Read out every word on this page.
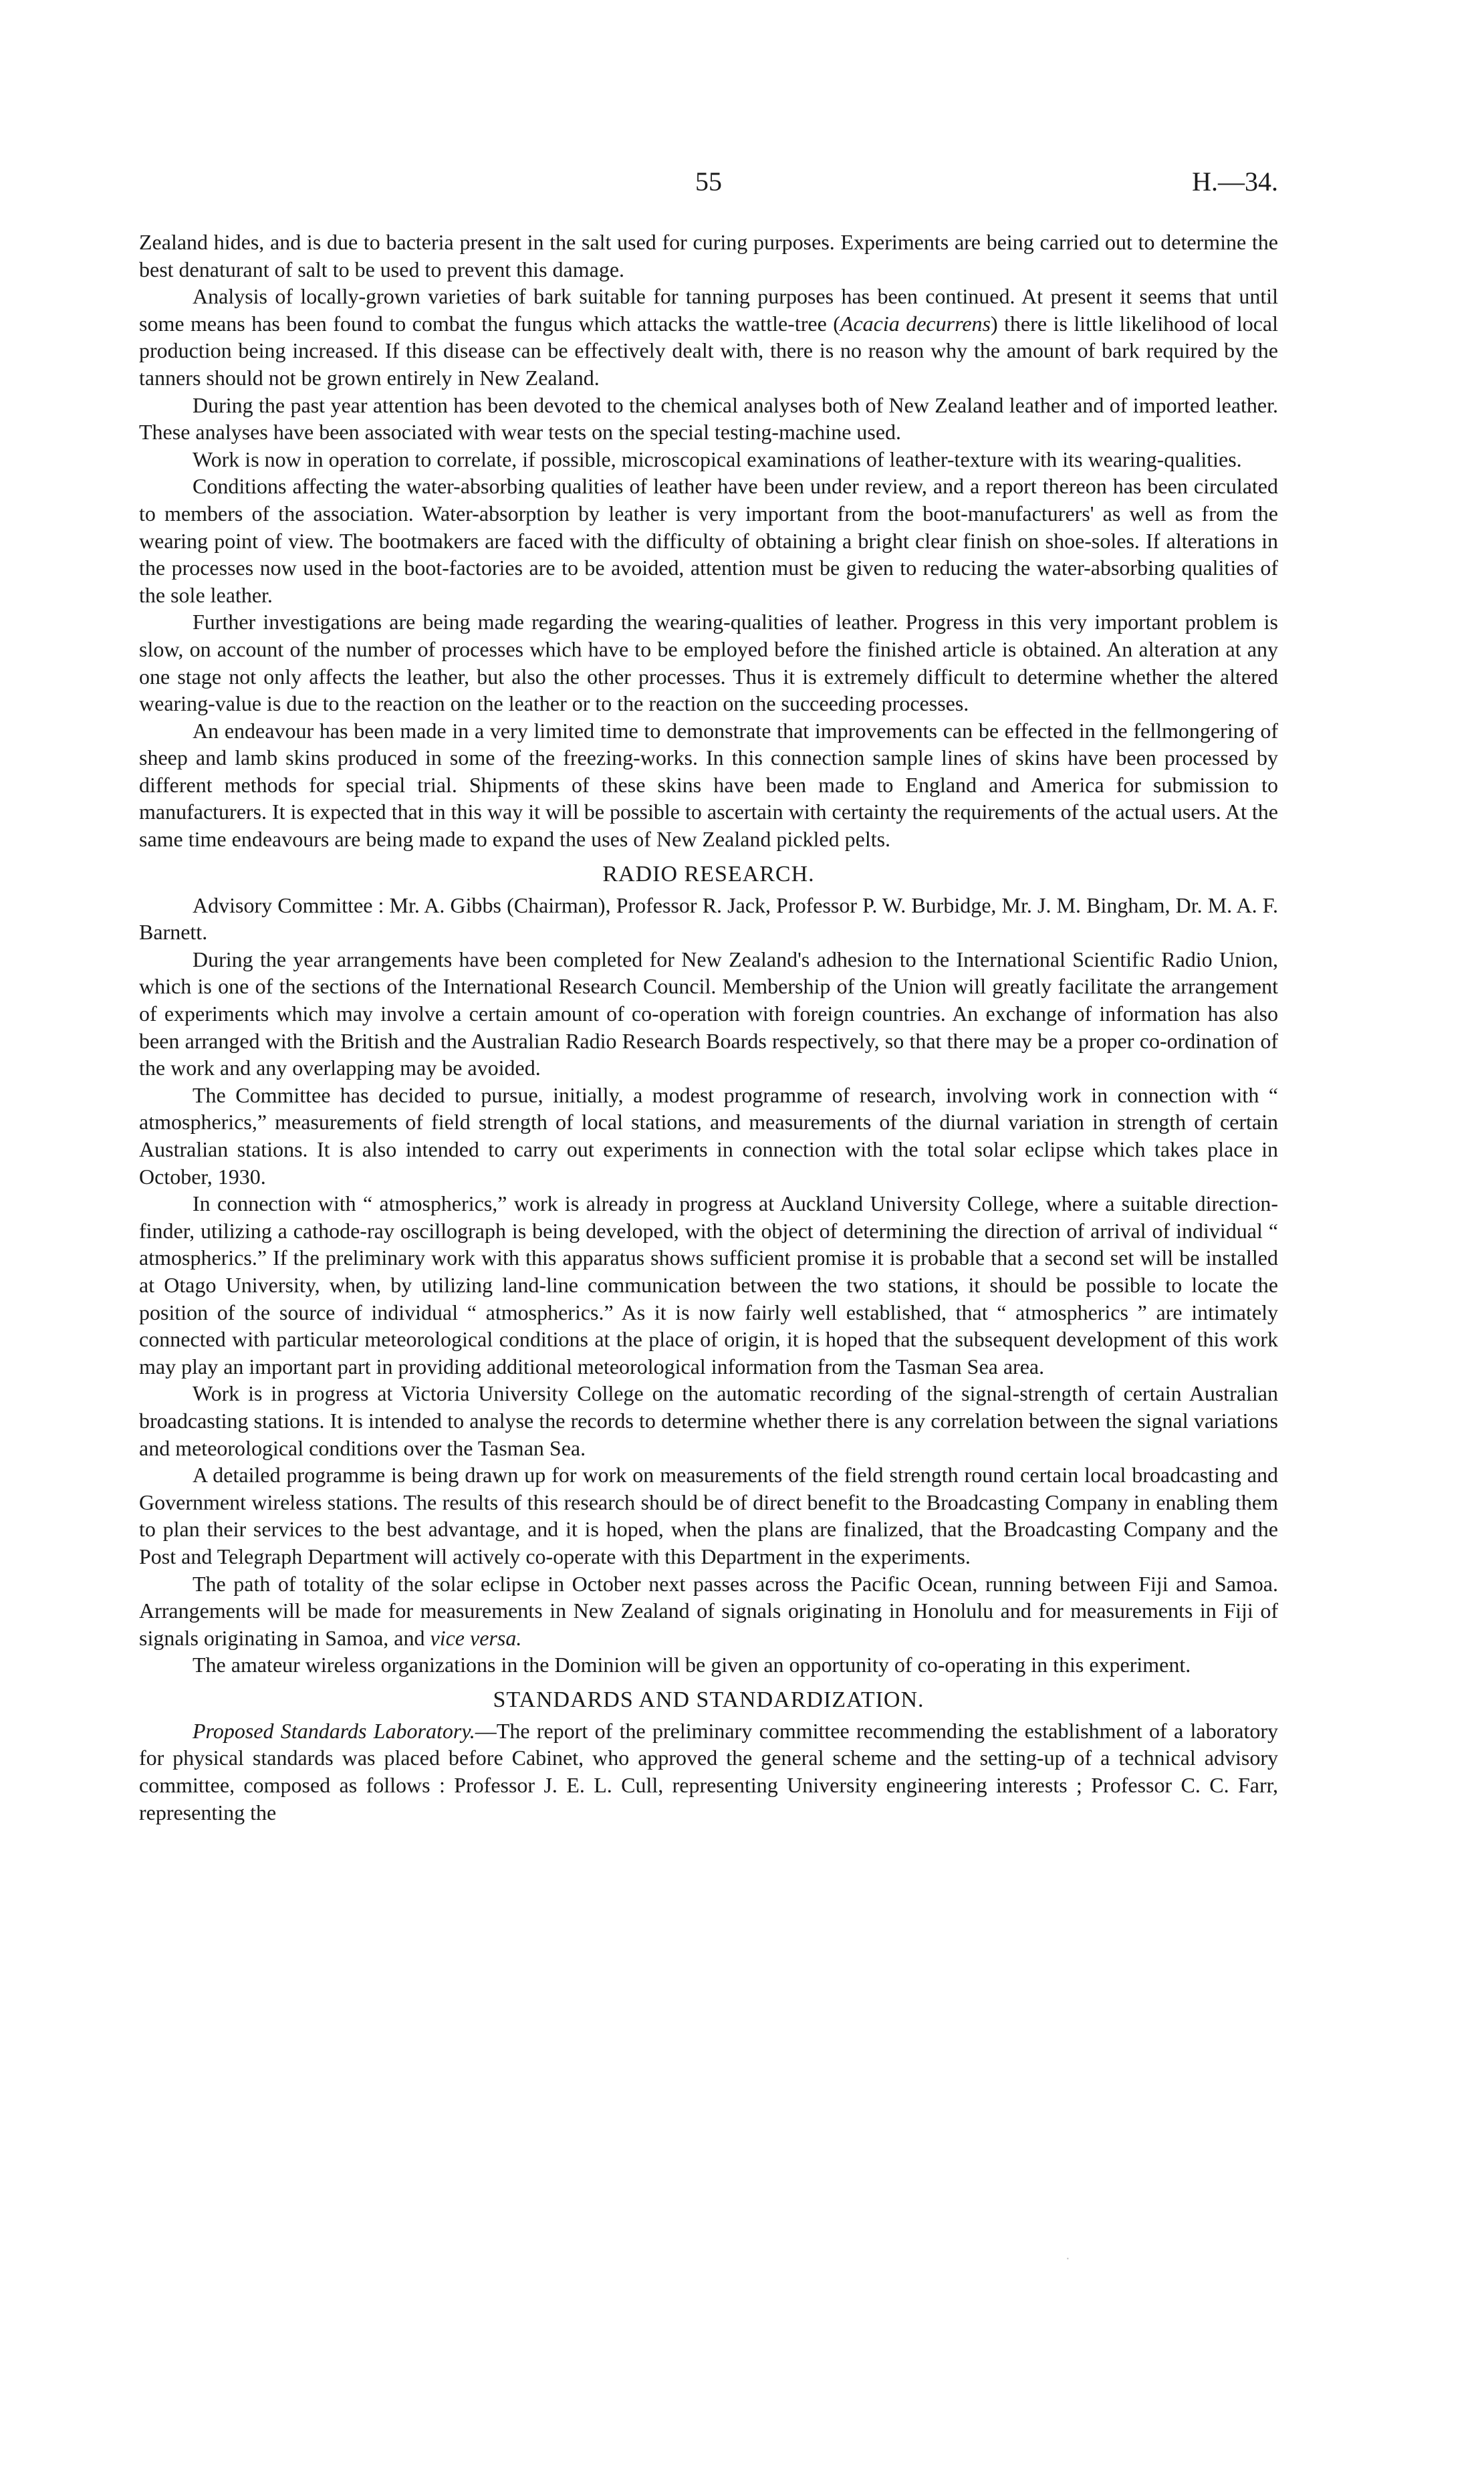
55	H.—34.

Zealand hides, and is due to bacteria present in the salt used for curing purposes. Experiments are being carried out to determine the best denaturant of salt to be used to prevent this damage.

Analysis of locally-grown varieties of bark suitable for tanning purposes has been continued. At present it seems that until some means has been found to combat the fungus which attacks the wattle-tree (Acacia decurrens) there is little likelihood of local production being increased. If this disease can be effectively dealt with, there is no reason why the amount of bark required by the tanners should not be grown entirely in New Zealand.

During the past year attention has been devoted to the chemical analyses both of New Zealand leather and of imported leather. These analyses have been associated with wear tests on the special testing-machine used.

Work is now in operation to correlate, if possible, microscopical examinations of leather-texture with its wearing-qualities.

Conditions affecting the water-absorbing qualities of leather have been under review, and a report thereon has been circulated to members of the association. Water-absorption by leather is very important from the boot-manufacturers' as well as from the wearing point of view. The bootmakers are faced with the difficulty of obtaining a bright clear finish on shoe-soles. If alterations in the processes now used in the boot-factories are to be avoided, attention must be given to reducing the water-absorbing qualities of the sole leather.

Further investigations are being made regarding the wearing-qualities of leather. Progress in this very important problem is slow, on account of the number of processes which have to be employed before the finished article is obtained. An alteration at any one stage not only affects the leather, but also the other processes. Thus it is extremely difficult to determine whether the altered wearing-value is due to the reaction on the leather or to the reaction on the succeeding processes.

An endeavour has been made in a very limited time to demonstrate that improvements can be effected in the fellmongering of sheep and lamb skins produced in some of the freezing-works. In this connection sample lines of skins have been processed by different methods for special trial. Shipments of these skins have been made to England and America for submission to manufacturers. It is expected that in this way it will be possible to ascertain with certainty the requirements of the actual users. At the same time endeavours are being made to expand the uses of New Zealand pickled pelts.

RADIO RESEARCH.

Advisory Committee : Mr. A. Gibbs (Chairman), Professor R. Jack, Professor P. W. Burbidge, Mr. J. M. Bingham, Dr. M. A. F. Barnett.

During the year arrangements have been completed for New Zealand's adhesion to the International Scientific Radio Union, which is one of the sections of the International Research Council. Membership of the Union will greatly facilitate the arrangement of experiments which may involve a certain amount of co-operation with foreign countries. An exchange of information has also been arranged with the British and the Australian Radio Research Boards respectively, so that there may be a proper co-ordination of the work and any overlapping may be avoided.

The Committee has decided to pursue, initially, a modest programme of research, involving work in connection with “ atmospherics,” measurements of field strength of local stations, and measurements of the diurnal variation in strength of certain Australian stations. It is also intended to carry out experiments in connection with the total solar eclipse which takes place in October, 1930.

In connection with “ atmospherics,” work is already in progress at Auckland University College, where a suitable direction-finder, utilizing a cathode-ray oscillograph is being developed, with the object of determining the direction of arrival of individual “ atmospherics.” If the preliminary work with this apparatus shows sufficient promise it is probable that a second set will be installed at Otago University, when, by utilizing land-line communication between the two stations, it should be possible to locate the position of the source of individual “ atmospherics.” As it is now fairly well established, that “ atmospherics ” are intimately connected with particular meteorological conditions at the place of origin, it is hoped that the subsequent development of this work may play an important part in providing additional meteorological information from the Tasman Sea area.

Work is in progress at Victoria University College on the automatic recording of the signal-strength of certain Australian broadcasting stations. It is intended to analyse the records to determine whether there is any correlation between the signal variations and meteorological conditions over the Tasman Sea.

A detailed programme is being drawn up for work on measurements of the field strength round certain local broadcasting and Government wireless stations. The results of this research should be of direct benefit to the Broadcasting Company in enabling them to plan their services to the best advantage, and it is hoped, when the plans are finalized, that the Broadcasting Company and the Post and Telegraph Department will actively co-operate with this Department in the experiments.

The path of totality of the solar eclipse in October next passes across the Pacific Ocean, running between Fiji and Samoa. Arrangements will be made for measurements in New Zealand of signals originating in Honolulu and for measurements in Fiji of signals originating in Samoa, and vice versa.

The amateur wireless organizations in the Dominion will be given an opportunity of co-operating in this experiment.

STANDARDS AND STANDARDIZATION.

Proposed Standards Laboratory.—The report of the preliminary committee recommending the establishment of a laboratory for physical standards was placed before Cabinet, who approved the general scheme and the setting-up of a technical advisory committee, composed as follows : Professor J. E. L. Cull, representing University engineering interests ; Professor C. C. Farr, representing the

·
